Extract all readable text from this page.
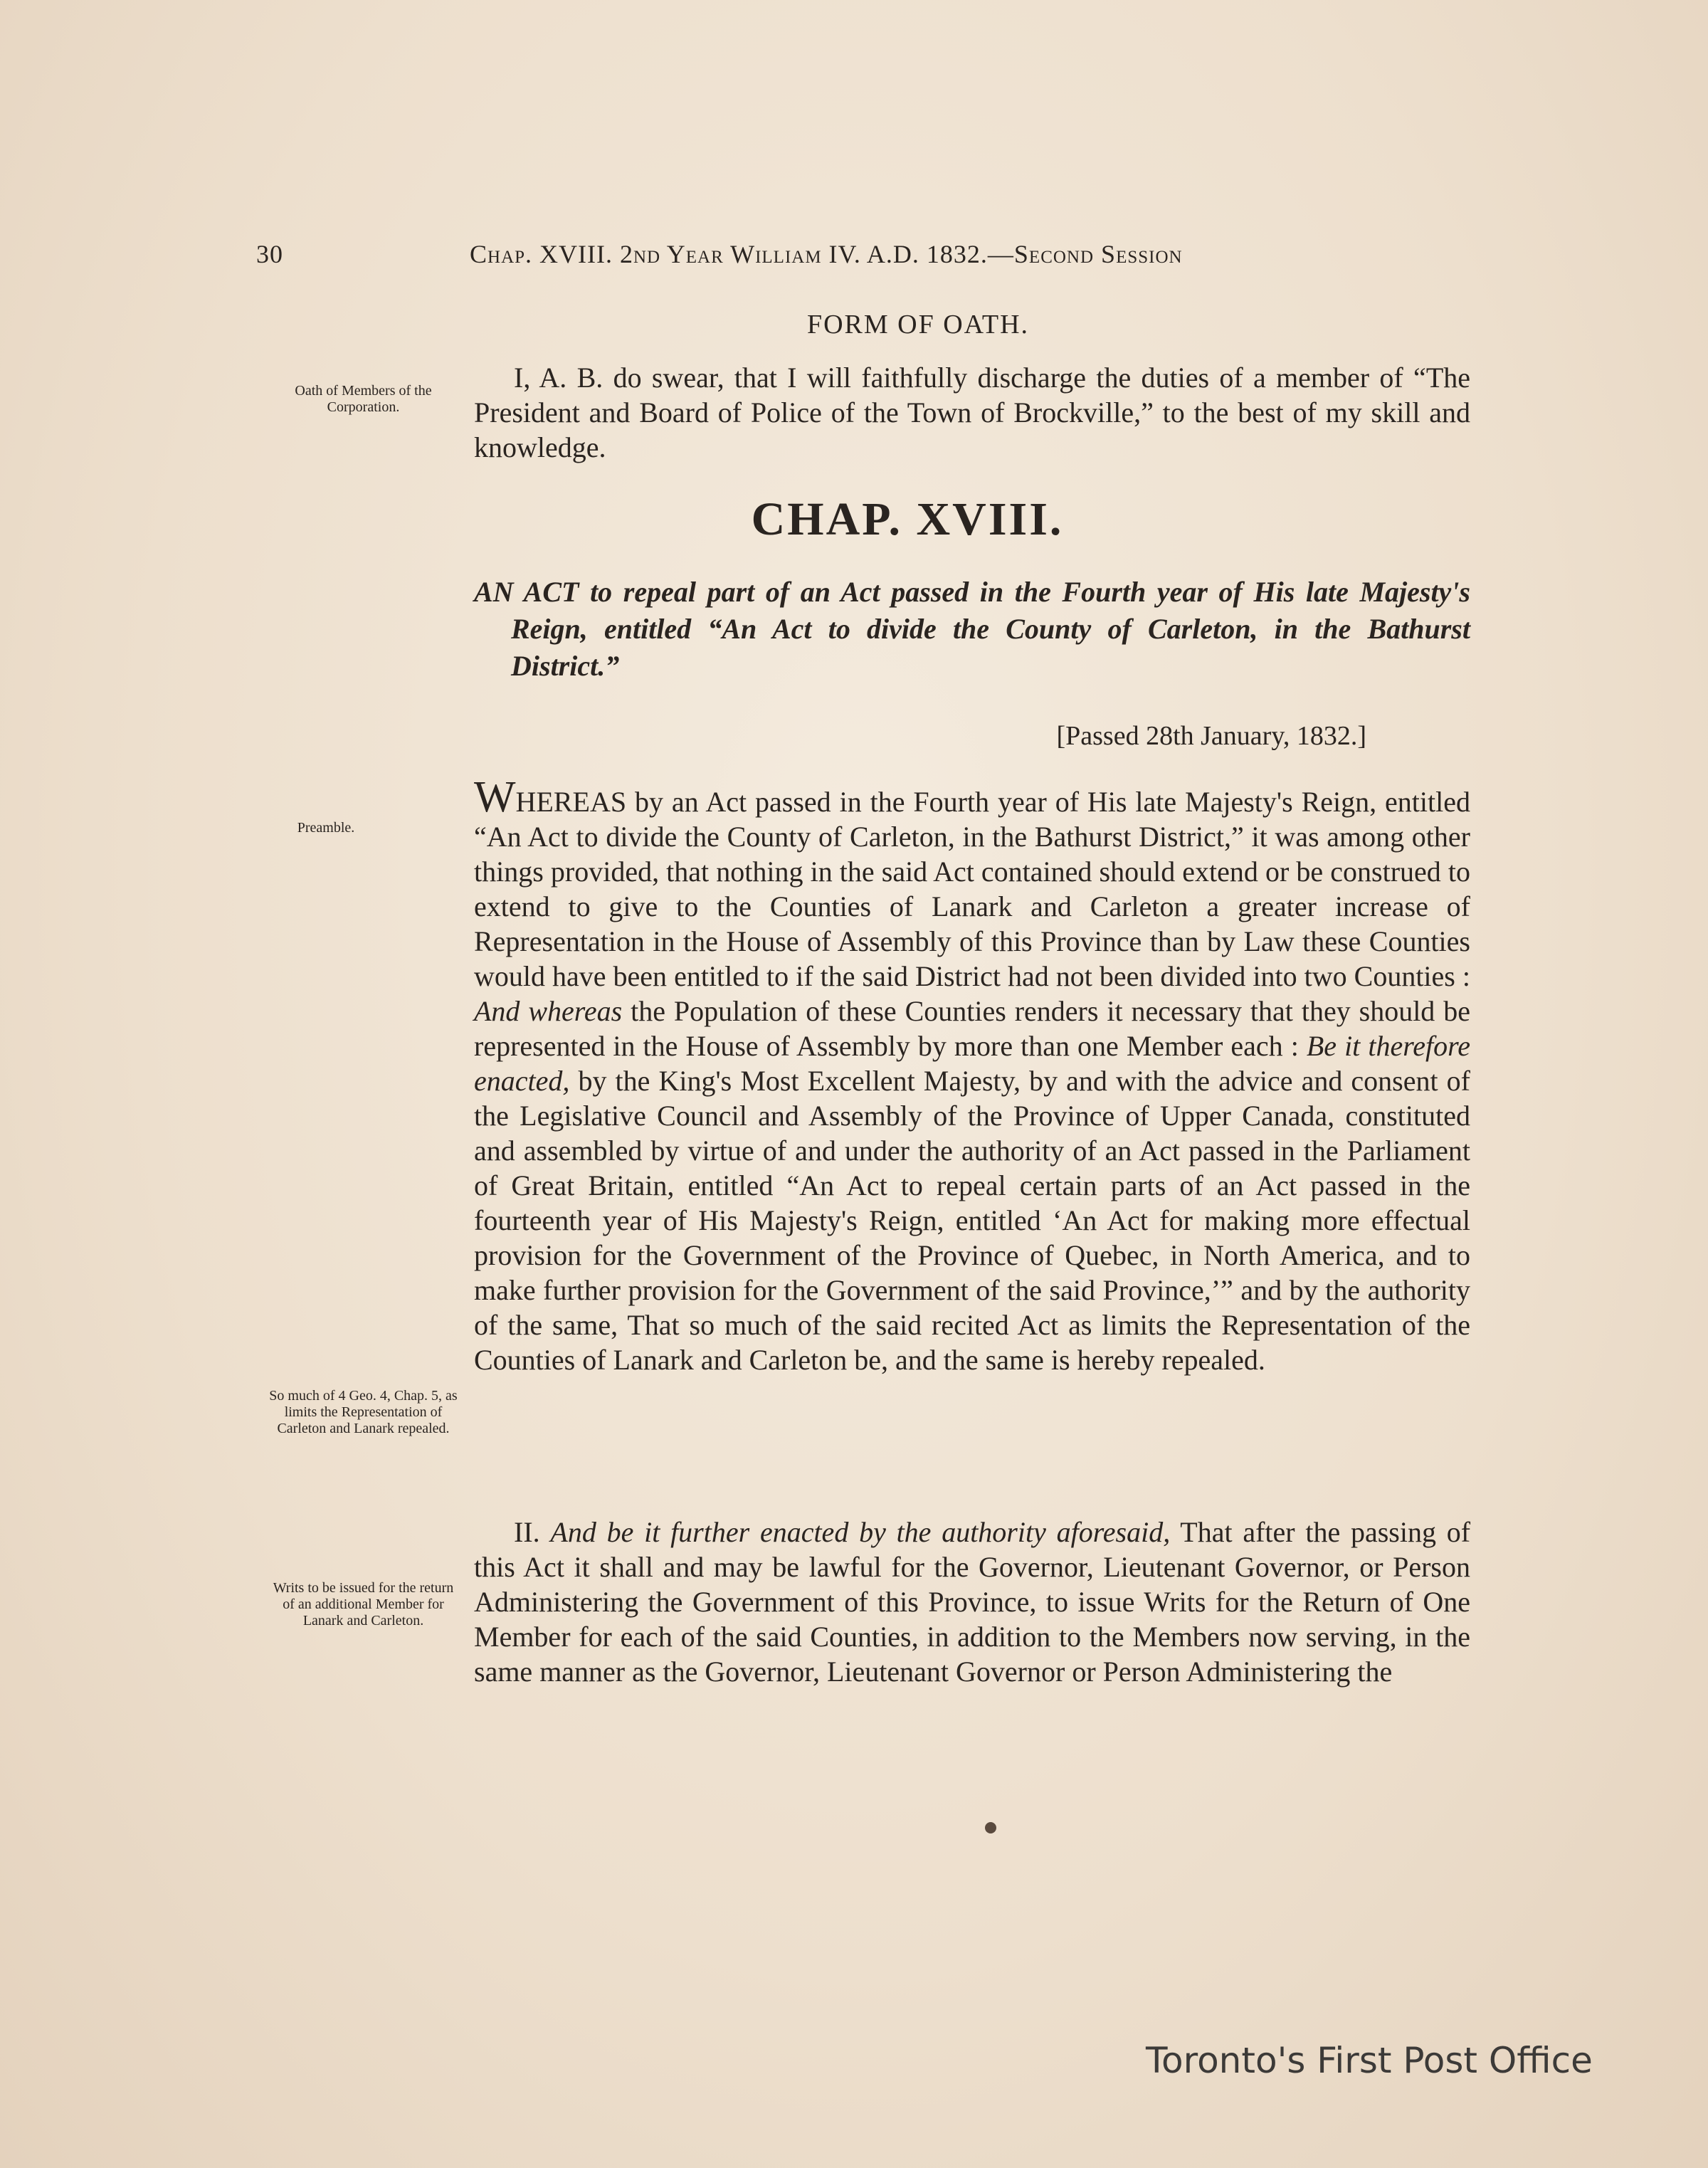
30	Chap. XVIII. 2nd Year William IV. A.D. 1832.—Second Session
FORM OF OATH.
Oath of Members of the Corporation.
I, A. B. do swear, that I will faithfully discharge the duties of a member of “The President and Board of Police of the Town of Brockville,” to the best of my skill and knowledge.
CHAP. XVIII.
AN ACT to repeal part of an Act passed in the Fourth year of His late Majesty's Reign, entitled “An Act to divide the County of Carleton, in the Bathurst District.”
[Passed 28th January, 1832.]
Preamble.
WHEREAS by an Act passed in the Fourth year of His late Majesty's Reign, entitled “An Act to divide the County of Carleton, in the Bathurst District,” it was among other things provided, that nothing in the said Act contained should extend or be construed to extend to give to the Counties of Lanark and Carleton a greater increase of Representation in the House of Assembly of this Province than by Law these Counties would have been entitled to if the said District had not been divided into two Counties : And whereas the Population of these Counties renders it necessary that they should be represented in the House of Assembly by more than one Member each : Be it therefore enacted, by the King's Most Excellent Majesty, by and with the advice and consent of the Legislative Council and Assembly of the Province of Upper Canada, constituted and assembled by virtue of and under the authority of an Act passed in the Parliament of Great Britain, entitled “An Act to repeal certain parts of an Act passed in the fourteenth year of His Majesty's Reign, entitled ‘An Act for making more effectual provision for the Government of the Province of Quebec, in North America, and to make further provision for the Government of the said Province,’” and by the authority of the same, That so much of the said recited Act as limits the Representation of the Counties of Lanark and Carleton be, and the same is hereby repealed.
So much of 4 Geo. 4, Chap. 5, as limits the Representation of Carleton and Lanark repealed.
Writs to be issued for the return of an additional Member for Lanark and Carleton.
II. And be it further enacted by the authority aforesaid, That after the passing of this Act it shall and may be lawful for the Governor, Lieutenant Governor, or Person Administering the Government of this Province, to issue Writs for the Return of One Member for each of the said Counties, in addition to the Members now serving, in the same manner as the Governor, Lieutenant Governor or Person Administering the
Toronto's First Post Office
